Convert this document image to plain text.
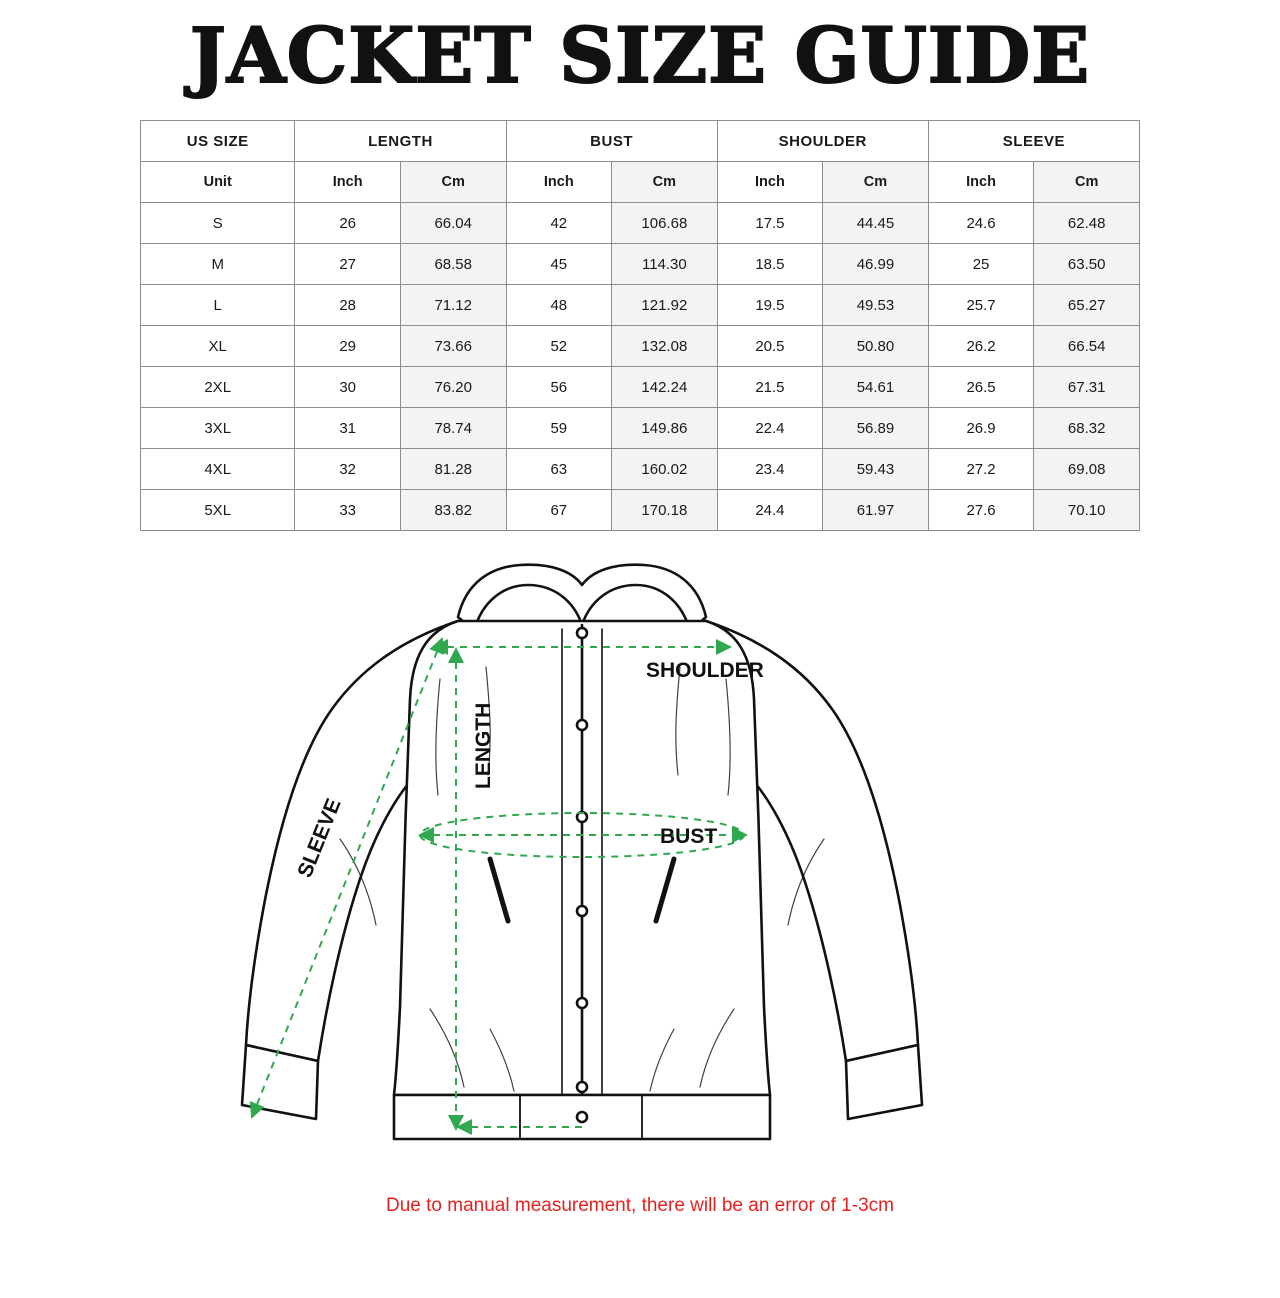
JACKET SIZE GUIDE
US SIZE	LENGTH		BUST		SHOULDER		SLEEVE	
Unit	Inch	Cm	Inch	Cm	Inch	Cm	Inch	Cm
S	26	66.04	42	106.68	17.5	44.45	24.6	62.48
M	27	68.58	45	114.30	18.5	46.99	25	63.50
L	28	71.12	48	121.92	19.5	49.53	25.7	65.27
XL	29	73.66	52	132.08	20.5	50.80	26.2	66.54
2XL	30	76.20	56	142.24	21.5	54.61	26.5	67.31
3XL	31	78.74	59	149.86	22.4	56.89	26.9	68.32
4XL	32	81.28	63	160.02	23.4	59.43	27.2	69.08
5XL	33	83.82	67	170.18	24.4	61.97	27.6	70.10
SHOULDER
LENGTH
BUST
SLEEVE
Due to manual measurement, there will be an error of 1-3cm
